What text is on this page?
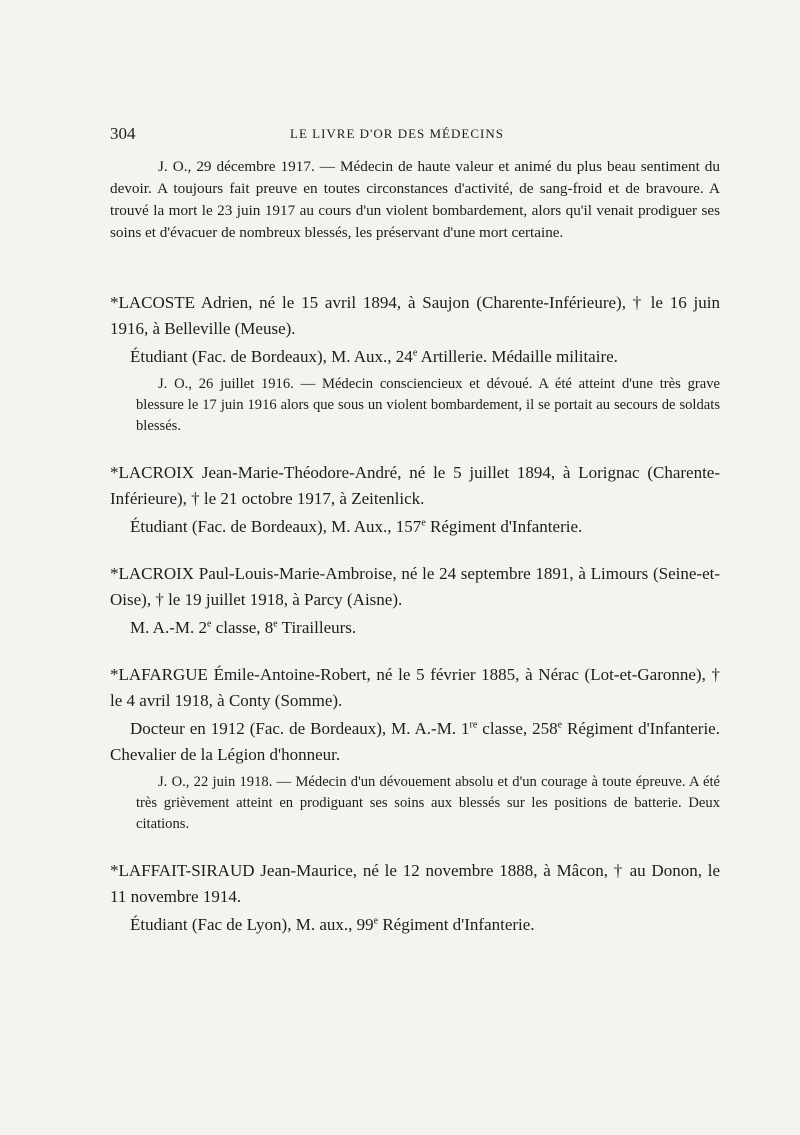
304	LE LIVRE D'OR DES MÉDECINS

J. O., 29 décembre 1917. — Médecin de haute valeur et animé du plus beau sentiment du devoir. A toujours fait preuve en toutes circonstances d'activité, de sang-froid et de bravoure. A trouvé la mort le 23 juin 1917 au cours d'un violent bombardement, alors qu'il venait prodiguer ses soins et d'évacuer de nombreux blessés, les préservant d'une mort certaine.

*LACOSTE Adrien, né le 15 avril 1894, à Saujon (Charente-Inférieure), † le 16 juin 1916, à Belleville (Meuse).

Étudiant (Fac. de Bordeaux), M. Aux., 24e Artillerie. Médaille militaire.

J. O., 26 juillet 1916. — Médecin consciencieux et dévoué. A été atteint d'une très grave blessure le 17 juin 1916 alors que sous un violent bombardement, il se portait au secours de soldats blessés.

*LACROIX Jean-Marie-Théodore-André, né le 5 juillet 1894, à Lorignac (Charente-Inférieure), † le 21 octobre 1917, à Zeitenlick.

Étudiant (Fac. de Bordeaux), M. Aux., 157e Régiment d'Infanterie.

*LACROIX Paul-Louis-Marie-Ambroise, né le 24 septembre 1891, à Limours (Seine-et-Oise), † le 19 juillet 1918, à Parcy (Aisne).

M. A.-M. 2e classe, 8e Tirailleurs.

*LAFARGUE Émile-Antoine-Robert, né le 5 février 1885, à Nérac (Lot-et-Garonne), † le 4 avril 1918, à Conty (Somme).

Docteur en 1912 (Fac. de Bordeaux), M. A.-M. 1re classe, 258e Régiment d'Infanterie. Chevalier de la Légion d'honneur.

J. O., 22 juin 1918. — Médecin d'un dévouement absolu et d'un courage à toute épreuve. A été très grièvement atteint en prodiguant ses soins aux blessés sur les positions de batterie. Deux citations.

*LAFFAIT-SIRAUD Jean-Maurice, né le 12 novembre 1888, à Mâcon, † au Donon, le 11 novembre 1914.

Étudiant (Fac de Lyon), M. aux., 99e Régiment d'Infanterie.
